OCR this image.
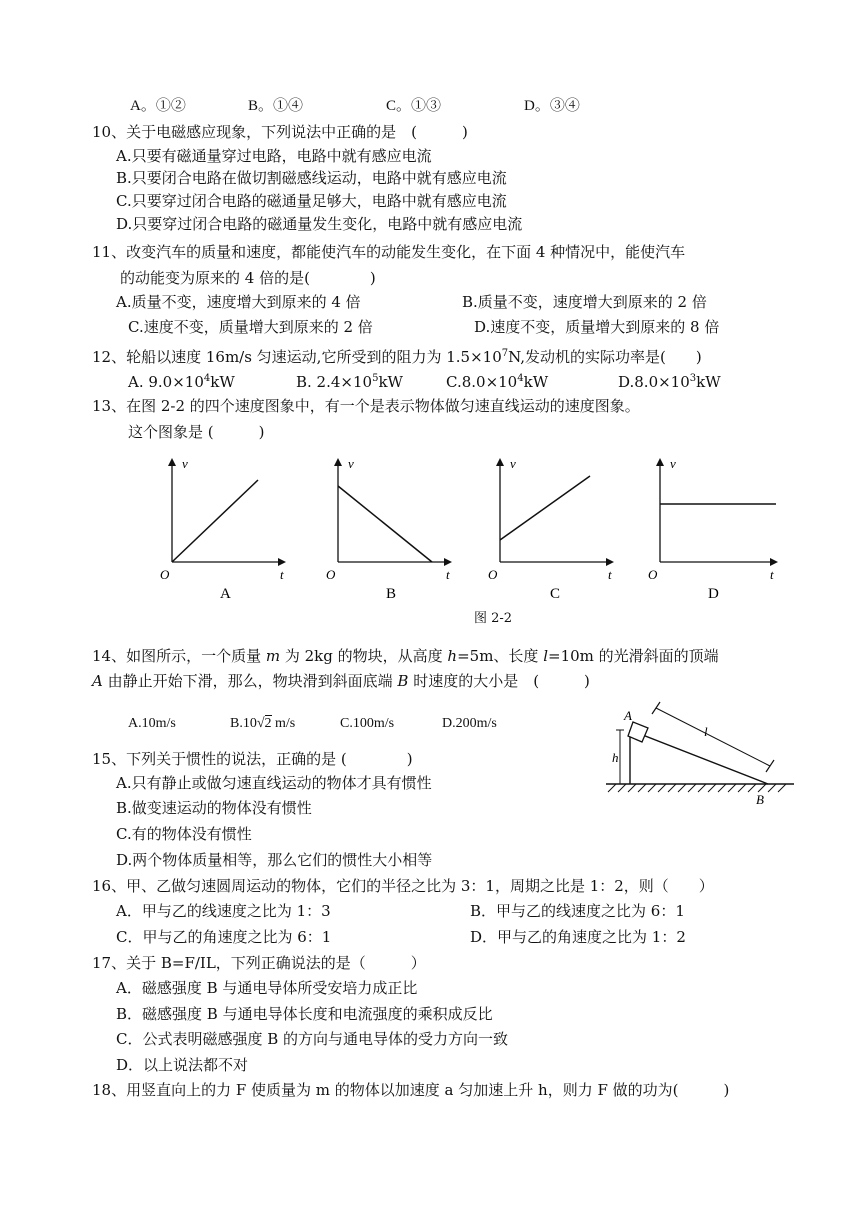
A。①②	B。①④	C。①③	D。③④
10、关于电磁感应现象，下列说法中正确的是　(　　　)
A.只要有磁通量穿过电路，电路中就有感应电流
B.只要闭合电路在做切割磁感线运动，电路中就有感应电流
C.只要穿过闭合电路的磁通量足够大，电路中就有感应电流
D.只要穿过闭合电路的磁通量发生变化，电路中就有感应电流
11、改变汽车的质量和速度，都能使汽车的动能发生变化，在下面 4 种情况中，能使汽车
的动能变为原来的 4 倍的是(　　　　)
A.质量不变，速度增大到原来的 4 倍	B.质量不变，速度增大到原来的 2 倍
C.速度不变，质量增大到原来的 2 倍	D.速度不变，质量增大到原来的 8 倍
12、轮船以速度 16m/s 匀速运动,它所受到的阻力为 $1.5\times 10^7N$,发动机的实际功率是(　　)
A. $9.0\times 10^4kW$	B. $2.4\times 10^5kW$	$C.8.0\times 10^4kW$	$D.8.0\times 10^3kW$
13、在图 2-2 的四个速度图象中，有一个是表示物体做匀速直线运动的速度图象。
这个图象是 (　　　)
v
O	t
A
v
O	t
B
v
O	t
C
v
O	t
D
图 2-2
14、如图所示，一个质量 m 为 2kg 的物块，从高度 h=5m、长度 l=10m 的光滑斜面的顶端
A 由静止开始下滑，那么，物块滑到斜面底端 B 时速度的大小是　(　　　)
A.10m/s	B.10√2 m/s	C.100m/s	D.200m/s
A
B
h
l
15、下列关于惯性的说法，正确的是 (　　　　)
A.只有静止或做匀速直线运动的物体才具有惯性
B.做变速运动的物体没有惯性
C.有的物体没有惯性
D.两个物体质量相等，那么它们的惯性大小相等
16、甲、乙做匀速圆周运动的物体，它们的半径之比为 3：1，周期之比是 1：2，则（　　）
A．甲与乙的线速度之比为 1：3	B．甲与乙的线速度之比为 6：1
C．甲与乙的角速度之比为 6：1	D．甲与乙的角速度之比为 1：2
17、关于 B=F/IL，下列正确说法的是（　　　）
A．磁感强度 B 与通电导体所受安培力成正比
B．磁感强度 B 与通电导体长度和电流强度的乘积成反比
C．公式表明磁感强度 B 的方向与通电导体的受力方向一致
D．以上说法都不对
18、用竖直向上的力 F 使质量为 m 的物体以加速度 a 匀加速上升 h，则力 F 做的功为(　　　)
